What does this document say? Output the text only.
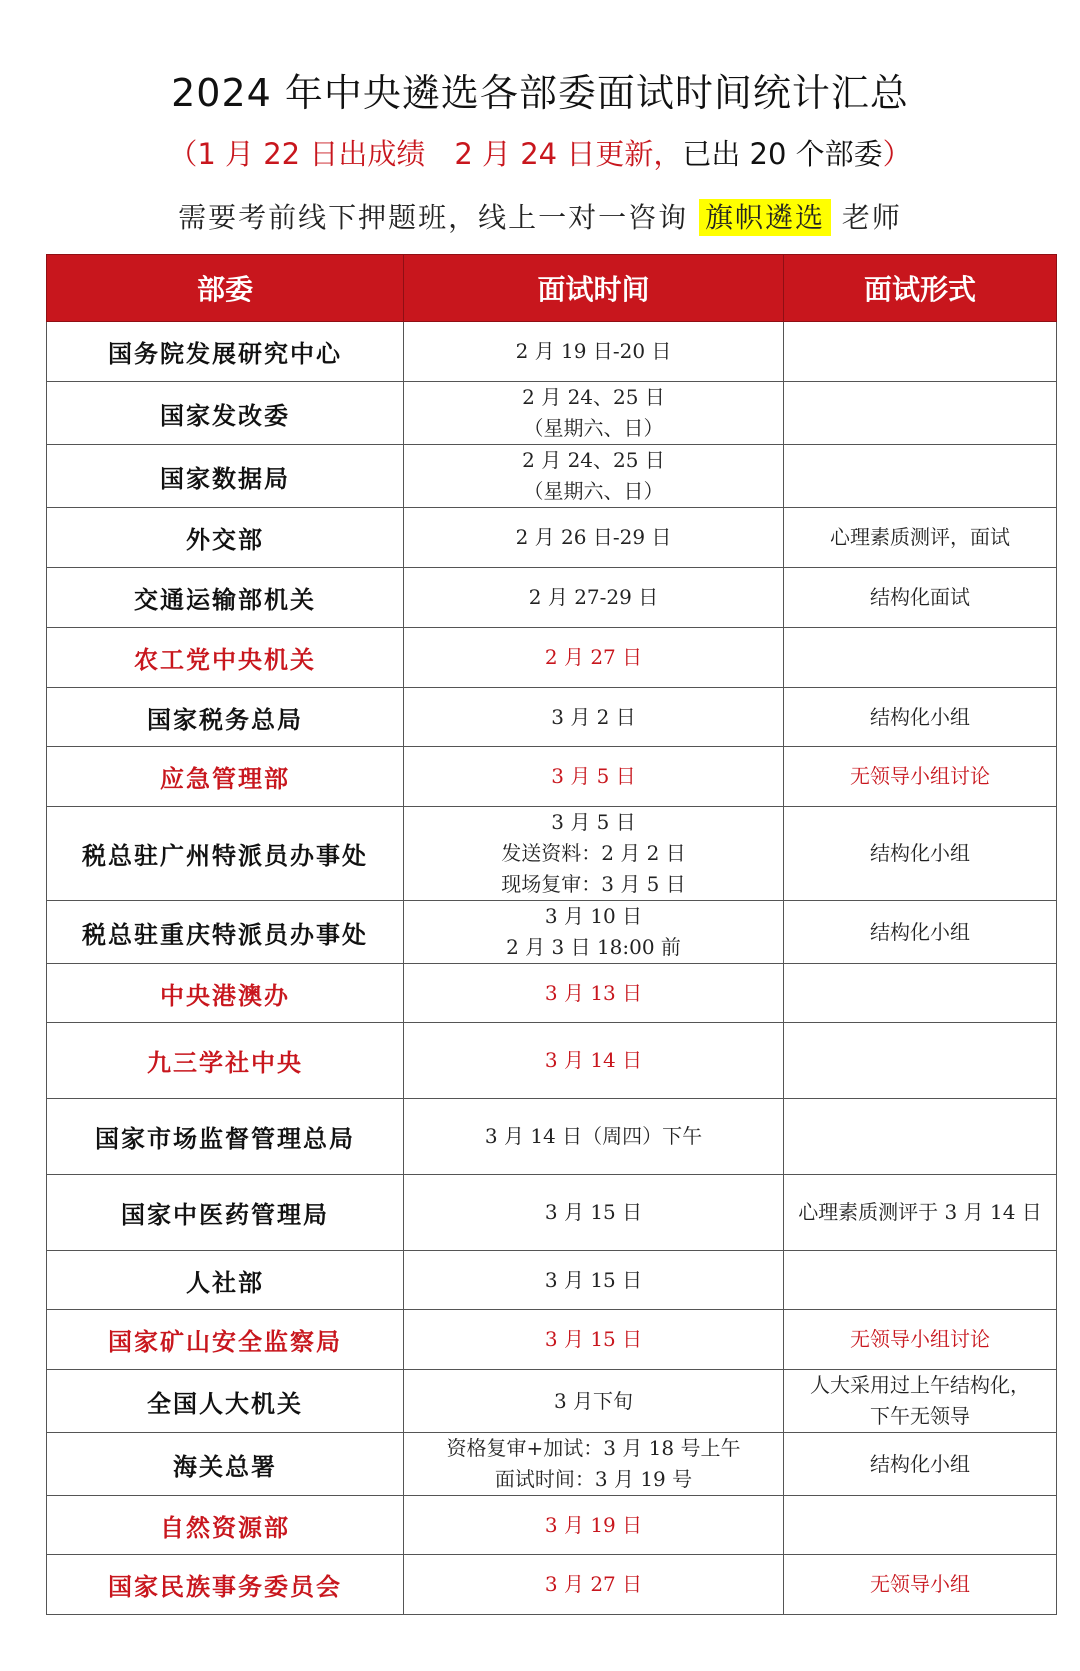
2024 年中央遴选各部委面试时间统计汇总
（1 月 22 日出成绩　2 月 24 日更新，已出 20 个部委）
需要考前线下押题班，线上一对一咨询 旗帜遴选 老师
部委	面试时间	面试形式
国务院发展研究中心	2 月 19 日-20 日	

国家发改委	2 月 24、25 日
（星期六、日）	

国家数据局	2 月 24、25 日
（星期六、日）	

外交部	2 月 26 日-29 日	心理素质测评，面试

交通运输部机关	2 月 27-29 日	结构化面试

农工党中央机关	2 月 27 日	

国家税务总局	3 月 2 日	结构化小组

应急管理部	3 月 5 日	无领导小组讨论

税总驻广州特派员办事处	3 月 5 日
发送资料：2 月 2 日
现场复审：3 月 5 日	结构化小组

税总驻重庆特派员办事处	3 月 10 日
2 月 3 日 18:00 前	结构化小组

中央港澳办	3 月 13 日	

九三学社中央	3 月 14 日	

国家市场监督管理总局	3 月 14 日（周四）下午	

国家中医药管理局	3 月 15 日	心理素质测评于 3 月 14 日

人社部	3 月 15 日	

国家矿山安全监察局	3 月 15 日	无领导小组讨论

全国人大机关	3 月下旬	人大采用过上午结构化，
下午无领导

海关总署	资格复审+加试：3 月 18 号上午
面试时间：3 月 19 号	结构化小组

自然资源部	3 月 19 日	

国家民族事务委员会	3 月 27 日	无领导小组
